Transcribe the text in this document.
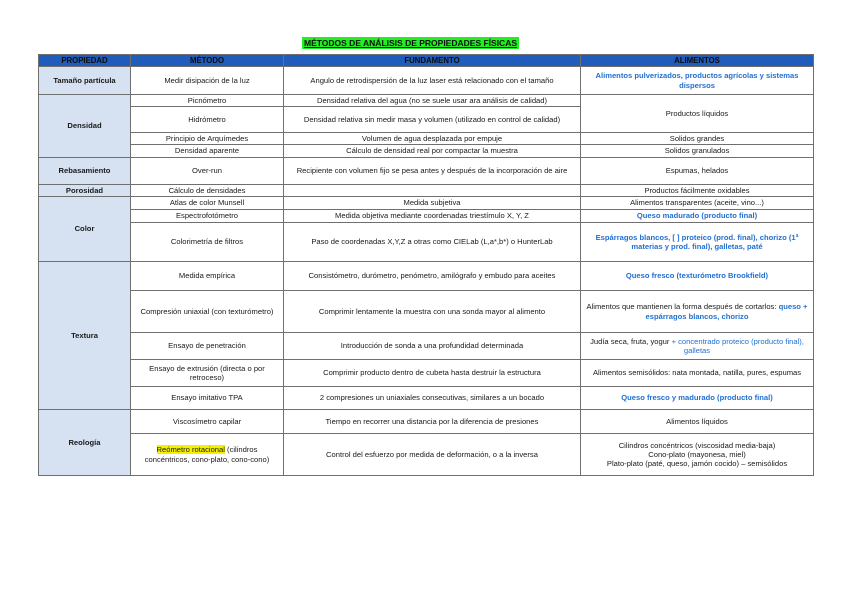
MÉTODOS DE ANÁLISIS DE PROPIEDADES FÍSICAS
PROPIEDAD	MÉTODO	FUNDAMENTO	ALIMENTOS
Tamaño partícula	Medir disipación de la luz	Angulo de retrodispersión de la luz laser está relacionado con el tamaño	Alimentos pulverizados, productos agrícolas y sistemas dispersos
Densidad	Picnómetro	Densidad relativa del agua (no se suele usar ara análisis de calidad)	Productos líquidos
	Hidrómetro	Densidad relativa sin medir masa y volumen (utilizado en control de calidad)	
	Principio de Arquímedes	Volumen de agua desplazada por empuje	Solidos grandes
	Densidad aparente	Cálculo de densidad real por compactar la muestra	Solidos granulados
Rebasamiento	Over-run	Recipiente con volumen fijo se pesa antes y después de la incorporación de aire	Espumas, helados
Porosidad	Cálculo de densidades		Productos fácilmente oxidables
Color	Atlas de color Munsell	Medida subjetiva	Alimentos transparentes (aceite, vino...)
	Espectrofotómetro	Medida objetiva mediante coordenadas triestímulo X, Y, Z	Queso madurado (producto final)
	Colorimetría de filtros	Paso de coordenadas X,Y,Z a otras como CIELab (L,a*,b*) o HunterLab	Espárragos blancos, [ ] proteico (prod. final), chorizo (1ª materias y prod. final), galletas, paté
Textura	Medida empírica	Consistómetro, durómetro, penómetro, amilógrafo y embudo para aceites	Queso fresco (texturómetro Brookfield)
	Compresión uniaxial (con texturómetro)	Comprimir lentamente la muestra con una sonda mayor al alimento	Alimentos que mantienen la forma después de cortarlos: queso + espárragos blancos, chorizo
	Ensayo de penetración	Introducción de sonda a una profundidad determinada	Judía seca, fruta, yogur + concentrado proteico (producto final), galletas
	Ensayo de extrusión (directa o por retroceso)	Comprimir producto dentro de cubeta hasta destruir la estructura	Alimentos semisólidos: nata montada, natilla, pures, espumas
	Ensayo imitativo TPA	2 compresiones un uniaxiales consecutivas, similares a un bocado	Queso fresco y madurado (producto final)
Reología	Viscosímetro capilar	Tiempo en recorrer una distancia por la diferencia de presiones	Alimentos líquidos
	Reómetro rotacional (cilindros concéntricos, cono-plato, cono-cono)	Control del esfuerzo por medida de deformación, o a la inversa	Cilindros concéntricos (viscosidad media-baja)
Cono-plato (mayonesa, miel)
Plato-plato (paté, queso, jamón cocido) – semisólidos
